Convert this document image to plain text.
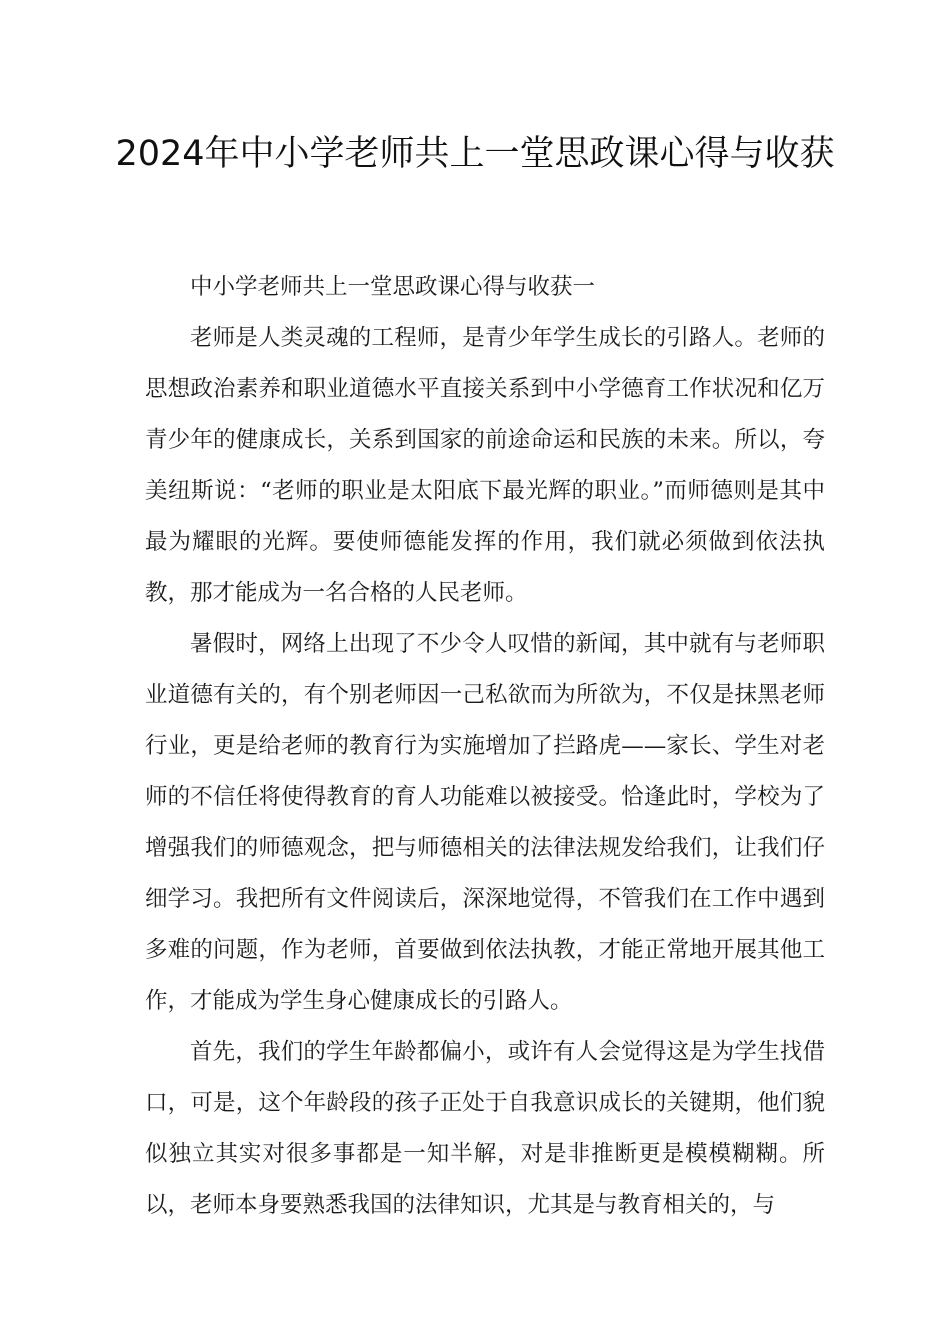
2024年中小学老师共上一堂思政课心得与收获

中小学老师共上一堂思政课心得与收获一

老师是人类灵魂的工程师，是青少年学生成长的引路人。老师的思想政治素养和职业道德水平直接关系到中小学德育工作状况和亿万青少年的健康成长，关系到国家的前途命运和民族的未来。所以，夸美纽斯说：“老师的职业是太阳底下最光辉的职业。”而师德则是其中最为耀眼的光辉。要使师德能发挥的作用，我们就必须做到依法执教，那才能成为一名合格的人民老师。

暑假时，网络上出现了不少令人叹惜的新闻，其中就有与老师职业道德有关的，有个别老师因一己私欲而为所欲为，不仅是抹黑老师行业，更是给老师的教育行为实施增加了拦路虎——家长、学生对老师的不信任将使得教育的育人功能难以被接受。恰逢此时，学校为了增强我们的师德观念，把与师德相关的法律法规发给我们，让我们仔细学习。我把所有文件阅读后，深深地觉得，不管我们在工作中遇到多难的问题，作为老师，首要做到依法执教，才能正常地开展其他工作，才能成为学生身心健康成长的引路人。

首先，我们的学生年龄都偏小，或许有人会觉得这是为学生找借口，可是，这个年龄段的孩子正处于自我意识成长的关键期，他们貌似独立其实对很多事都是一知半解，对是非推断更是模模糊糊。所以，老师本身要熟悉我国的法律知识，尤其是与教育相关的，与
